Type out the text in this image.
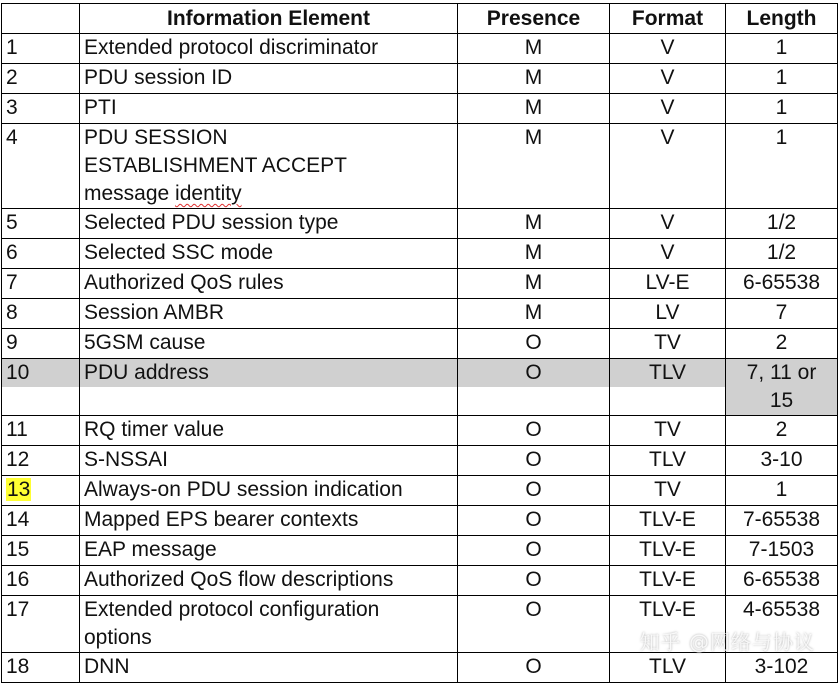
	Information Element	Presence	Format	Length
1	Extended protocol discriminator	M	V	1
2	PDU session ID	M	V	1
3	PTI	M	V	1
4	PDU SESSION
ESTABLISHMENT ACCEPT
message identity	M	V	1
5	Selected PDU session type	M	V	1/2
6	Selected SSC mode	M	V	1/2
7	Authorized QoS rules	M	LV-E	6-65538
8	Session AMBR	M	LV	7
9	5GSM cause	O	TV	2

10	PDU address	O	TLV	7, 11 or
15
11	RQ timer value	O	TV	2
12	S-NSSAI	O	TLV	3-10
13	Always-on PDU session indication	O	TV	1
14	Mapped EPS bearer contexts	O	TLV-E	7-65538
15	EAP message	O	TLV-E	7-1503
16	Authorized QoS flow descriptions	O	TLV-E	6-65538
17	Extended protocol configuration
options	O	TLV-E	4-65538
18	DNN	O	TLV	3-102
知乎 @网络与协议
